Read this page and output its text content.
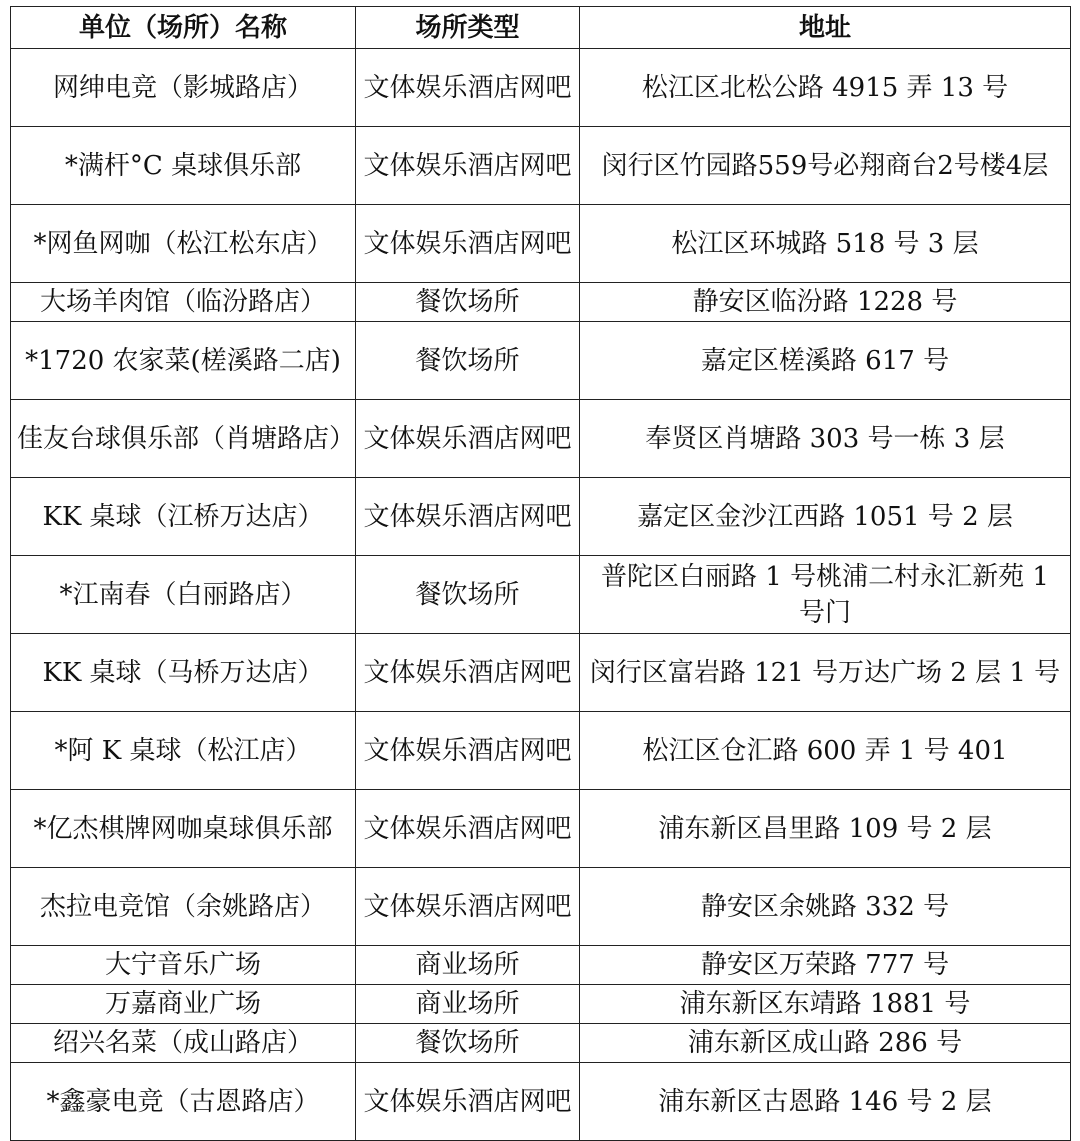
单位（场所）名称	场所类型	地址
网绅电竞（影城路店）	文体娱乐酒店网吧	松江区北松公路 4915 弄 13 号
*满杆°C 桌球俱乐部	文体娱乐酒店网吧	闵行区竹园路559号必翔商台2号楼4层
*网鱼网咖（松江松东店）	文体娱乐酒店网吧	松江区环城路 518 号 3 层
大场羊肉馆（临汾路店）	餐饮场所	静安区临汾路 1228 号
*1720 农家菜(槎溪路二店)	餐饮场所	嘉定区槎溪路 617 号
佳友台球俱乐部（肖塘路店）	文体娱乐酒店网吧	奉贤区肖塘路 303 号一栋 3 层
KK 桌球（江桥万达店）	文体娱乐酒店网吧	嘉定区金沙江西路 1051 号 2 层
*江南春（白丽路店）	餐饮场所	普陀区白丽路 1 号桃浦二村永汇新苑 1 号门
KK 桌球（马桥万达店）	文体娱乐酒店网吧	闵行区富岩路 121 号万达广场 2 层 1 号
*阿 K 桌球（松江店）	文体娱乐酒店网吧	松江区仓汇路 600 弄 1 号 401
*亿杰棋牌网咖桌球俱乐部	文体娱乐酒店网吧	浦东新区昌里路 109 号 2 层
杰拉电竞馆（余姚路店）	文体娱乐酒店网吧	静安区余姚路 332 号
大宁音乐广场	商业场所	静安区万荣路 777 号
万嘉商业广场	商业场所	浦东新区东靖路 1881 号
绍兴名菜（成山路店）	餐饮场所	浦东新区成山路 286 号
*鑫豪电竞（古恩路店）	文体娱乐酒店网吧	浦东新区古恩路 146 号 2 层
